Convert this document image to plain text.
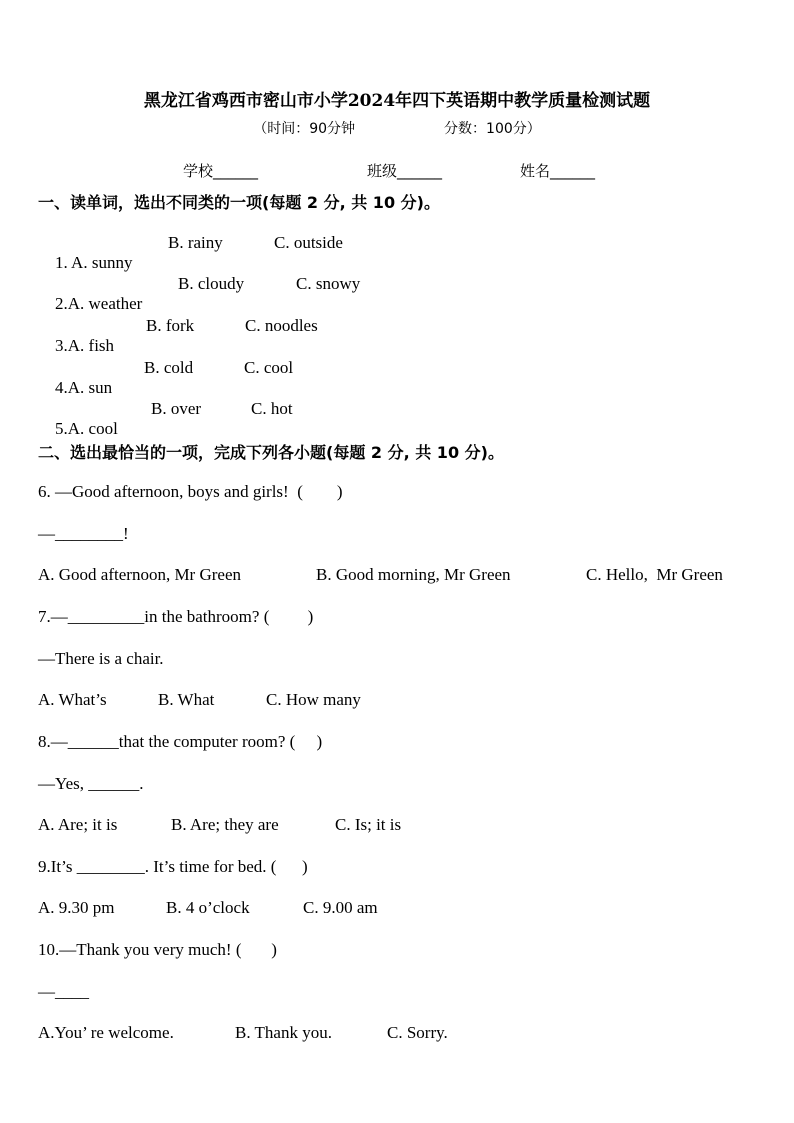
黑龙江省鸡西市密山市小学2024年四下英语期中教学质量检测试题
（时间：90分钟                    分数：100分）
学校______	班级______	姓名______
一、读单词，选出不同类的一项(每题 2 分, 共 10 分)。

1. A. sunny

B. rainy	C. outside

2.A. weather

B. cloudy	C. snowy

3.A. fish

B. fork	C. noodles

4.A. sun

B. cold	C. cool

5.A. cool

B. over	C. hot
二、选出最恰当的一项，完成下列各小题(每题 2 分, 共 10 分)。
6. —Good afternoon, boys and girls!  (        )
—________!
A. Good afternoon, Mr Green	B. Good morning, Mr Green	C. Hello,  Mr Green
7.—_________in the bathroom? (         )
—There is a chair.
A. What’s	B. What	C. How many
8.—______that the computer room? (     )
—Yes, ______.
A. Are; it is	B. Are; they are	C. Is; it is
9.It’s ________. It’s time for bed. (      )
A. 9.30 pm	B. 4 o’clock	C. 9.00 am
10.—Thank you very much! (       )
—____
A.You’ re welcome.	B. Thank you.	C. Sorry.
